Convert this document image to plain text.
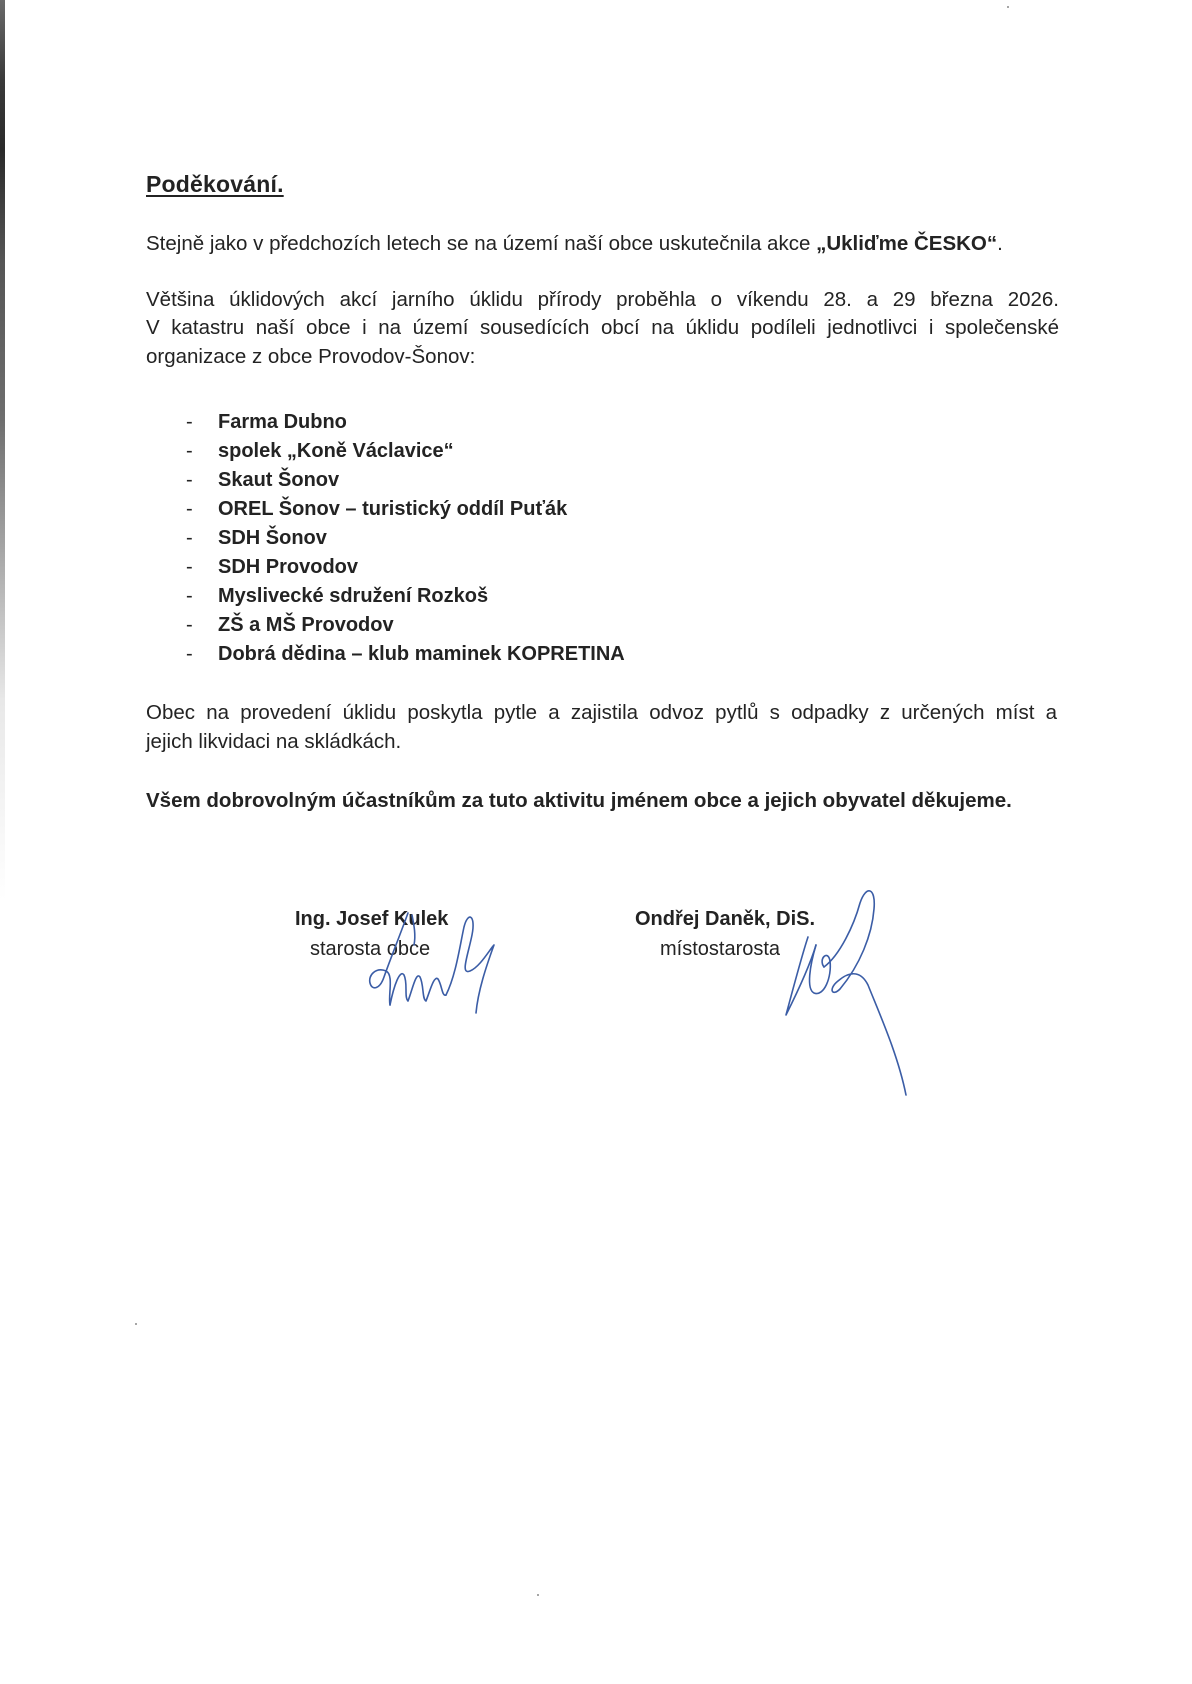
Poděkování.
Stejně jako v předchozích letech se na území naší obce uskutečnila akce „Ukliďme ČESKO“.
Většina úklidových akcí jarního úklidu přírody proběhla o víkendu 28. a 29 března 2026.
V katastru naší obce i na území sousedících obcí na úklidu podíleli jednotlivci i společenské
organizace z obce Provodov-Šonov:
-	Farma Dubno
-	spolek „Koně Václavice“
-	Skaut Šonov
-	OREL Šonov – turistický oddíl Puťák
-	SDH Šonov
-	SDH Provodov
-	Myslivecké sdružení Rozkoš
-	ZŠ a MŠ Provodov
-	Dobrá dědina – klub maminek KOPRETINA
Obec na provedení úklidu poskytla pytle a zajistila odvoz pytlů s odpadky z určených míst a
jejich likvidaci na skládkách.
Všem dobrovolným účastníkům za tuto aktivitu jménem obce a jejich obyvatel děkujeme.
Ing. Josef Kulek
starosta obce
Ondřej Daněk, DiS.
místostarosta
